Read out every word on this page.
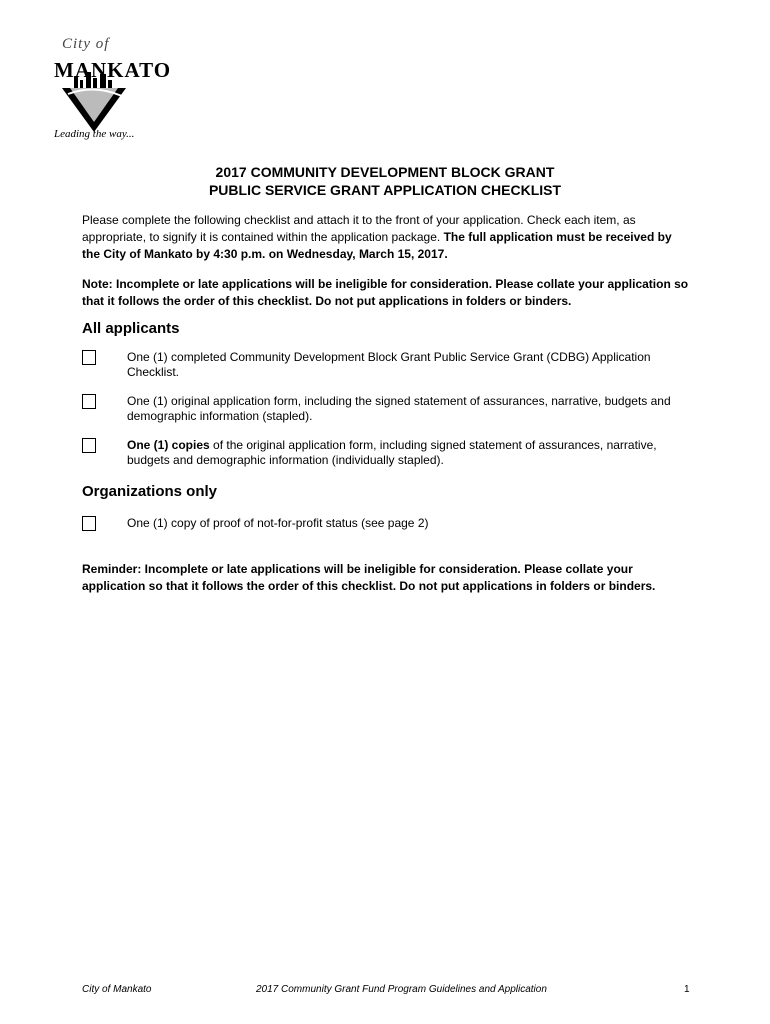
City of
MANKATO
Leading the way...
2017 COMMUNITY DEVELOPMENT BLOCK GRANT
PUBLIC SERVICE GRANT APPLICATION CHECKLIST
Please complete the following checklist and attach it to the front of your application. Check each item, as appropriate, to signify it is contained within the application package. The full application must be received by the City of Mankato by 4:30 p.m. on Wednesday, March 15, 2017.
Note: Incomplete or late applications will be ineligible for consideration. Please collate your application so that it follows the order of this checklist. Do not put applications in folders or binders.
All applicants
One (1) completed Community Development Block Grant Public Service Grant (CDBG) Application Checklist.
One (1) original application form, including the signed statement of assurances, narrative, budgets and demographic information (stapled).
One (1) copies of the original application form, including signed statement of assurances, narrative, budgets and demographic information (individually stapled).
Organizations only
One (1) copy of proof of not-for-profit status (see page 2)
Reminder: Incomplete or late applications will be ineligible for consideration. Please collate your application so that it follows the order of this checklist. Do not put applications in folders or binders.
City of Mankato	2017 Community Grant Fund Program Guidelines and Application	1
